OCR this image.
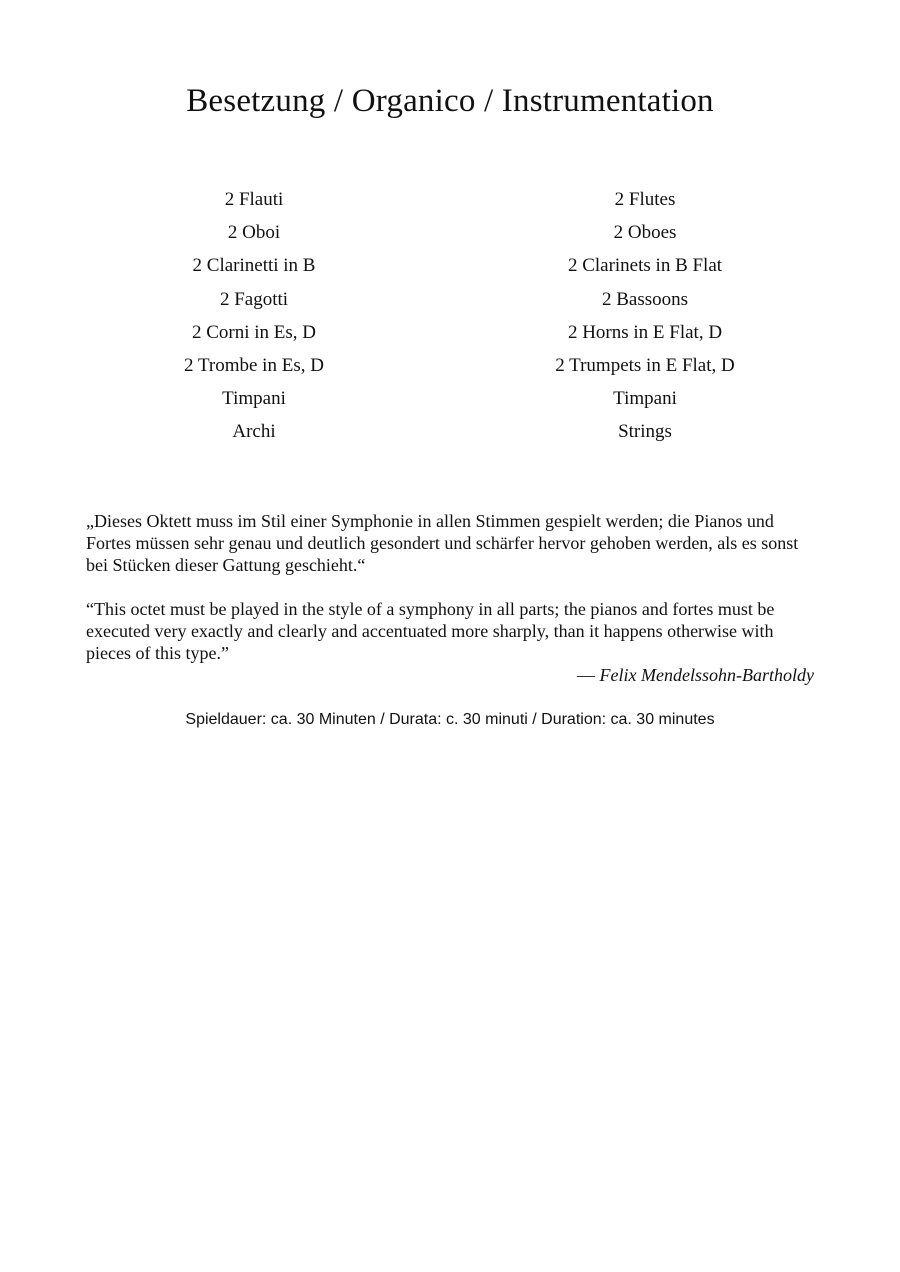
Besetzung / Organico / Instrumentation
2 Flauti
2 Oboi
2 Clarinetti in B
2 Fagotti
2 Corni in Es, D
2 Trombe in Es, D
Timpani
Archi
2 Flutes
2 Oboes
2 Clarinets in B Flat
2 Bassoons
2 Horns in E Flat, D
2 Trumpets in E Flat, D
Timpani
Strings

„Dieses Oktett muss im Stil einer Symphonie in allen Stimmen gespielt werden; die Pianos und Fortes müssen sehr genau und deutlich gesondert und schärfer hervor gehoben werden, als es sonst bei Stücken dieser Gattung geschieht.“

“This octet must be played in the style of a symphony in all parts; the pianos and fortes must be executed very exactly and clearly and accentuated more sharply, than it happens otherwise with pieces of this type.”

— Felix Mendelssohn-Bartholdy
Spieldauer: ca. 30 Minuten / Durata: c. 30 minuti / Duration: ca. 30 minutes
